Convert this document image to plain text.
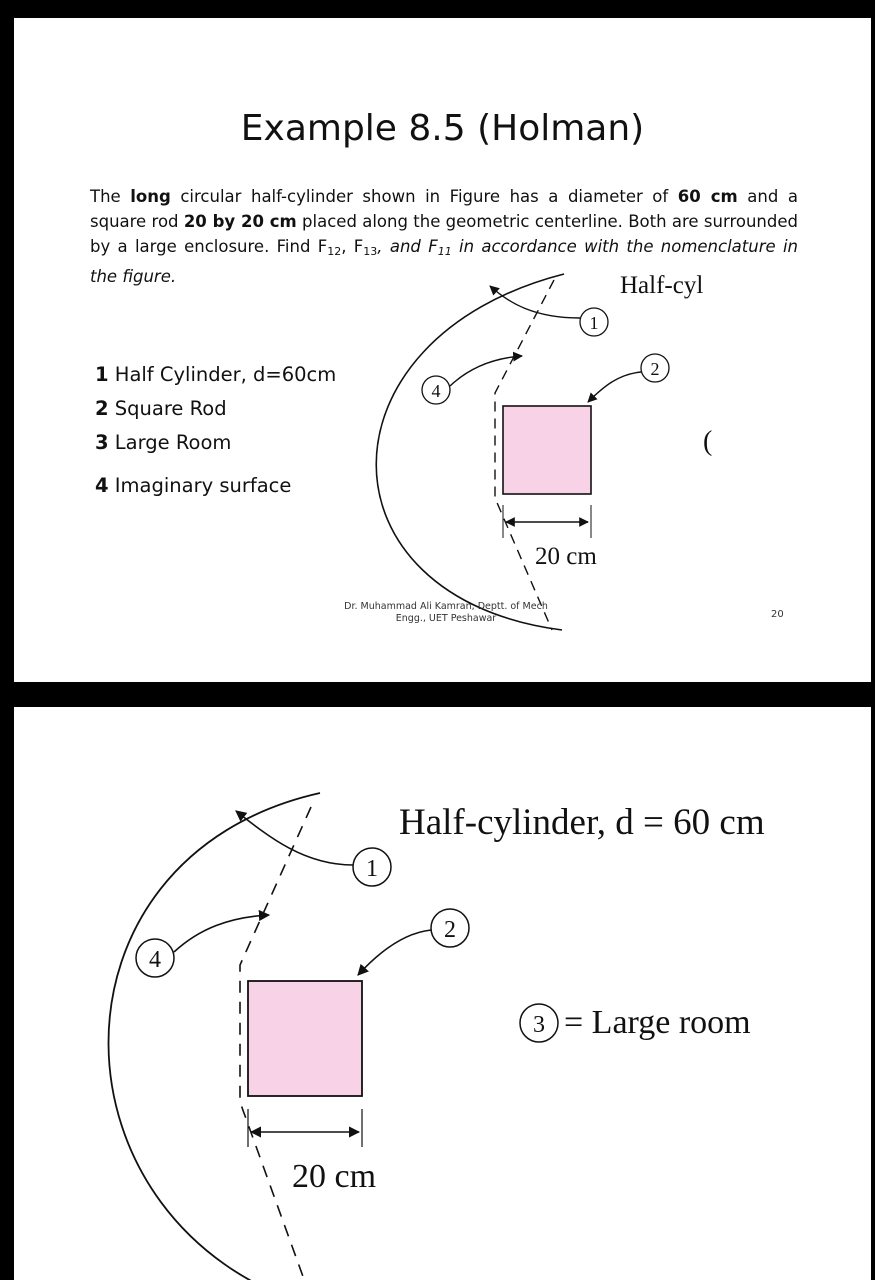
Example 8.5 (Holman)
The long circular half-cylinder shown in Figure has a diameter of 60 cm and a square rod 20 by 20 cm placed along the geometric centerline. Both are surrounded by a large enclosure. Find $F_{12}$, $F_{13}$, and $F_{11}$ in accordance with the nomenclature in the figure.
1 Half Cylinder, d=60cm
2 Square Rod
3 Large Room
4 Imaginary surface
1
2
4
Half-cyl
(
20 cm
Dr. Muhammad Ali Kamran, Deptt. of Mech
Engg., UET Peshawar	20
1
2
4
3 = Large room
Half-cylinder, d = 60 cm
20 cm
